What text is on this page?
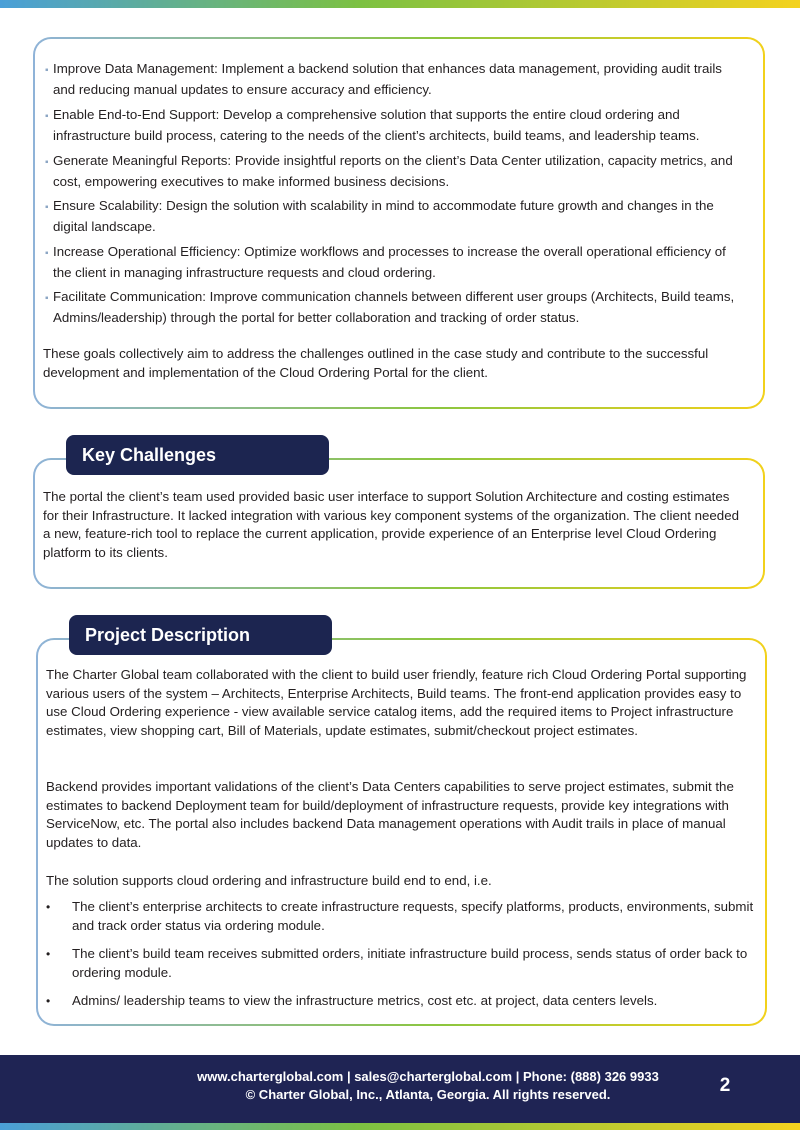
▪ Improve Data Management: Implement a backend solution that enhances data management, providing audit trails and reducing manual updates to ensure accuracy and efficiency.
▪ Enable End-to-End Support: Develop a comprehensive solution that supports the entire cloud ordering and infrastructure build process, catering to the needs of the client’s architects, build teams, and leadership teams.
▪ Generate Meaningful Reports: Provide insightful reports on the client’s Data Center utilization, capacity metrics, and cost, empowering executives to make informed business decisions.
▪ Ensure Scalability: Design the solution with scalability in mind to accommodate future growth and changes in the digital landscape.
▪ Increase Operational Efficiency: Optimize workflows and processes to increase the overall operational efficiency of the client in managing infrastructure requests and cloud ordering.
▪ Facilitate Communication: Improve communication channels between different user groups (Architects, Build teams, Admins/leadership) through the portal for better collaboration and tracking of order status.

These goals collectively aim to address the challenges outlined in the case study and contribute to the successful development and implementation of the Cloud Ordering Portal for the client.

The portal the client’s team used provided basic user interface to support Solution Architecture and costing estimates for their Infrastructure. It lacked integration with various key component systems of the organization. The client needed a new, feature-rich tool to replace the current application, provide experience of an Enterprise level Cloud Ordering platform to its clients.

Key Challenges

The Charter Global team collaborated with the client to build user friendly, feature rich Cloud Ordering Portal supporting various users of the system – Architects, Enterprise Architects, Build teams. The front-end application provides easy to use Cloud Ordering experience - view available service catalog items, add the required items to Project infrastructure estimates, view shopping cart, Bill of Materials, update estimates, submit/checkout project estimates.

Backend provides important validations of the client’s Data Centers capabilities to serve project estimates, submit the estimates to backend Deployment team for build/deployment of infrastructure requests, provide key integrations with ServiceNow, etc. The portal also includes backend Data management operations with Audit trails in place of manual updates to data.

The solution supports cloud ordering and infrastructure build end to end, i.e.

• The client’s enterprise architects to create infrastructure requests, specify platforms, products, environments, submit and track order status via ordering module.
• The client’s build team receives submitted orders, initiate infrastructure build process, sends status of order back to ordering module.
• Admins/ leadership teams to view the infrastructure metrics, cost etc. at project, data centers levels.
Project Description
www.charterglobal.com | sales@charterglobal.com | Phone: (888) 326 9933
© Charter Global, Inc., Atlanta, Georgia. All rights reserved.	2
